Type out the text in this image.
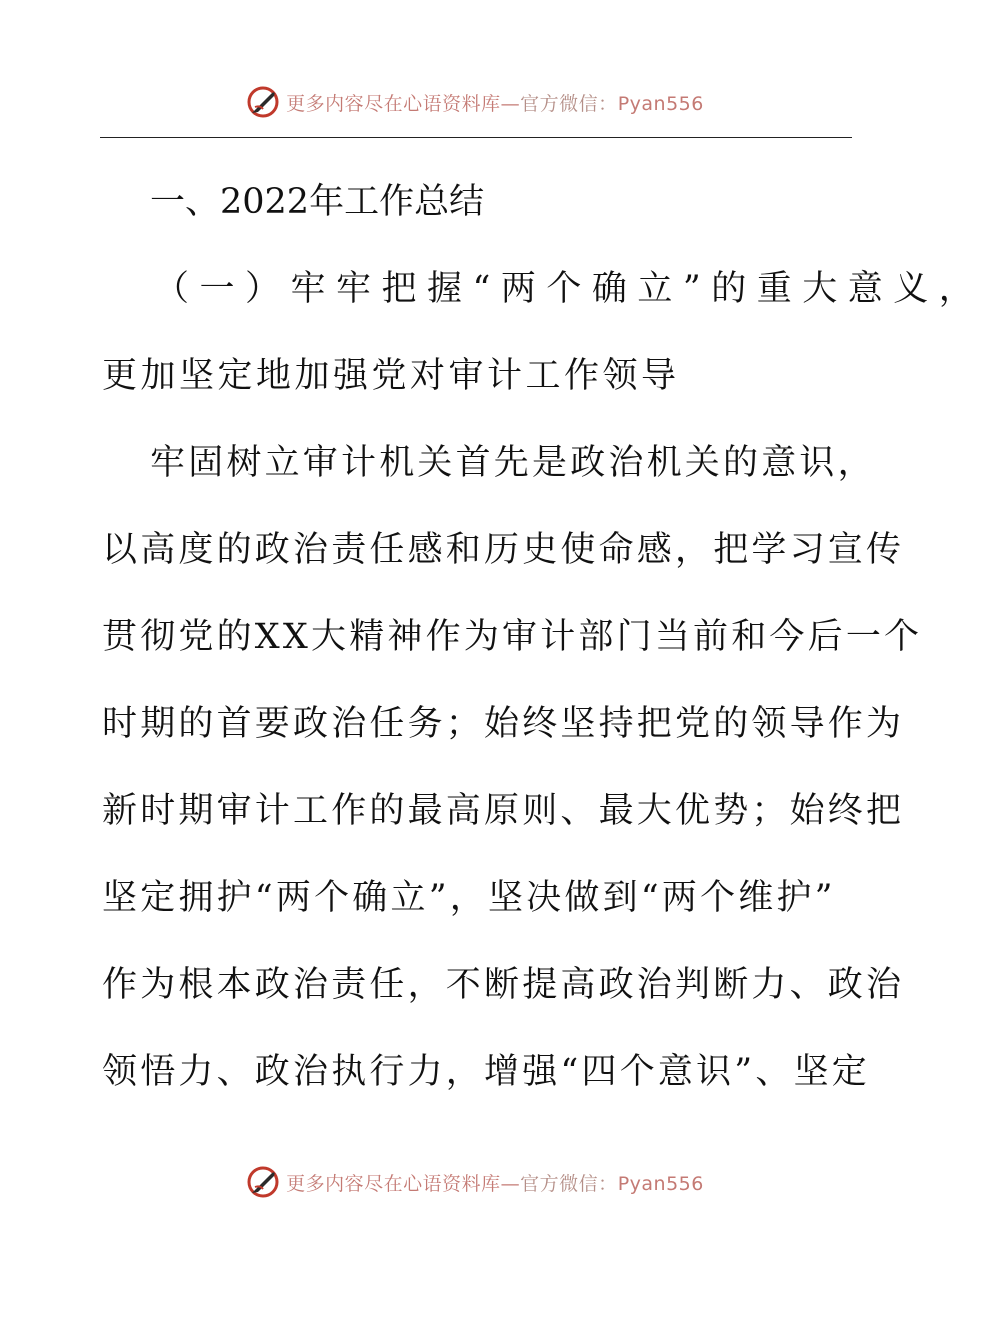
更多内容尽在心语资料库—官方微信：Pyan556
一、2022年工作总结
（一）牢牢把握“两个确立”的重大意义，
更加坚定地加强党对审计工作领导
牢固树立审计机关首先是政治机关的意识，
以高度的政治责任感和历史使命感，把学习宣传
贯彻党的XX大精神作为审计部门当前和今后一个
时期的首要政治任务；始终坚持把党的领导作为
新时期审计工作的最高原则、最大优势；始终把
坚定拥护“两个确立”，坚决做到“两个维护”
作为根本政治责任，不断提高政治判断力、政治
领悟力、政治执行力，增强“四个意识”、坚定
更多内容尽在心语资料库—官方微信：Pyan556
